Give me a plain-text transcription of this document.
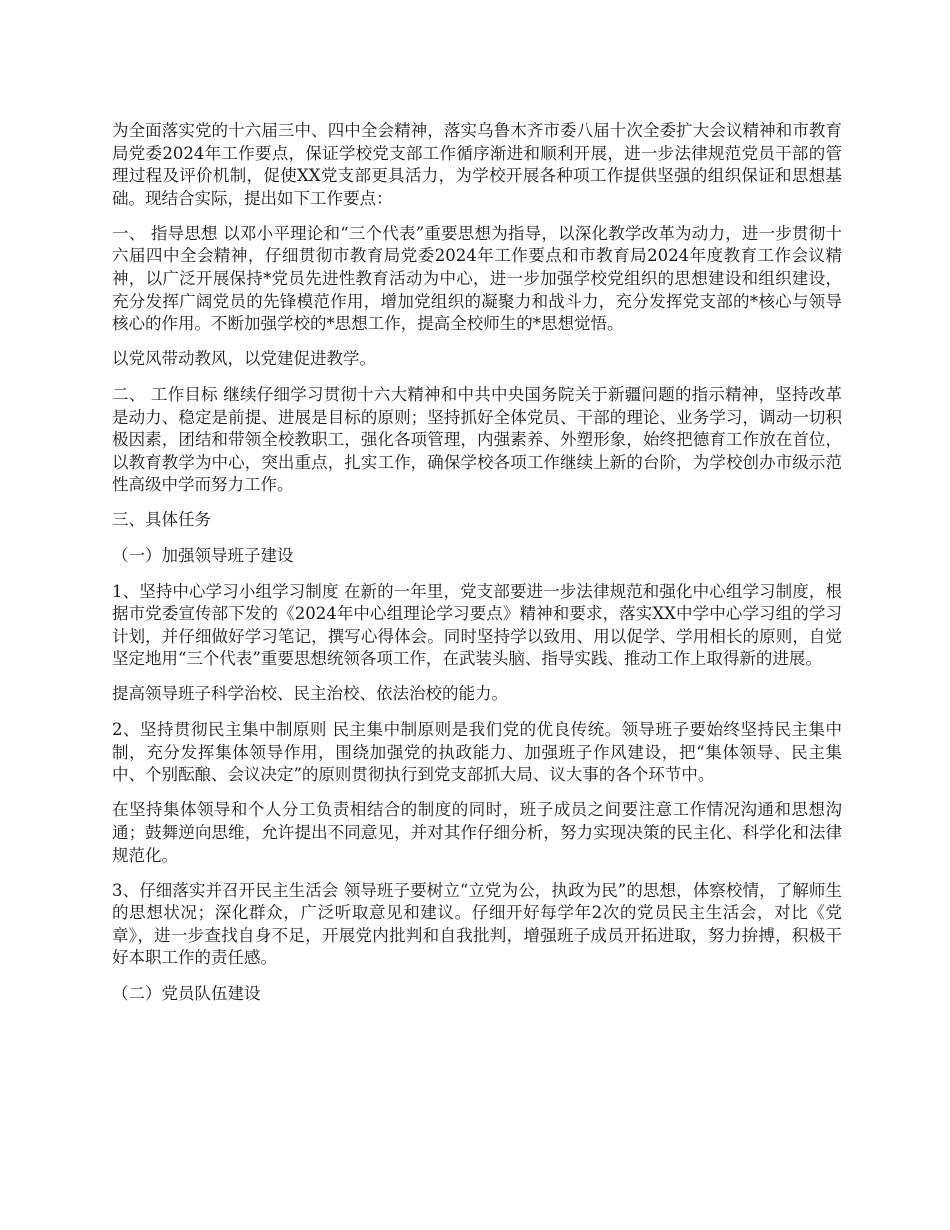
为全面落实党的十六届三中、四中全会精神，落实乌鲁木齐市委八届十次全委扩大会议精神和市教育局党委2024年工作要点，保证学校党支部工作循序渐进和顺利开展，进一步法律规范党员干部的管理过程及评价机制，促使XX党支部更具活力，为学校开展各种项工作提供坚强的组织保证和思想基础。现结合实际，提出如下工作要点：

一、 指导思想 以邓小平理论和“三个代表”重要思想为指导，以深化教学改革为动力，进一步贯彻十六届四中全会精神，仔细贯彻市教育局党委2024年工作要点和市教育局2024年度教育工作会议精神，以广泛开展保持*党员先进性教育活动为中心，进一步加强学校党组织的思想建设和组织建设，充分发挥广阔党员的先锋模范作用，增加党组织的凝聚力和战斗力，充分发挥党支部的*核心与领导核心的作用。不断加强学校的*思想工作，提高全校师生的*思想觉悟。

以党风带动教风，以党建促进教学。

二、 工作目标 继续仔细学习贯彻十六大精神和中共中央国务院关于新疆问题的指示精神，坚持改革是动力、稳定是前提、进展是目标的原则；坚持抓好全体党员、干部的理论、业务学习，调动一切积极因素，团结和带领全校教职工，强化各项管理，内强素养、外塑形象，始终把德育工作放在首位，以教育教学为中心，突出重点，扎实工作，确保学校各项工作继续上新的台阶，为学校创办市级示范性高级中学而努力工作。

三、具体任务

（一）加强领导班子建设

1、坚持中心学习小组学习制度 在新的一年里，党支部要进一步法律规范和强化中心组学习制度，根据市党委宣传部下发的《2024年中心组理论学习要点》精神和要求，落实XX中学中心学习组的学习计划，并仔细做好学习笔记，撰写心得体会。同时坚持学以致用、用以促学、学用相长的原则，自觉坚定地用“三个代表”重要思想统领各项工作，在武装头脑、指导实践、推动工作上取得新的进展。

提高领导班子科学治校、民主治校、依法治校的能力。

2、坚持贯彻民主集中制原则 民主集中制原则是我们党的优良传统。领导班子要始终坚持民主集中制，充分发挥集体领导作用，围绕加强党的执政能力、加强班子作风建设，把“集体领导、民主集中、个别酝酿、会议决定”的原则贯彻执行到党支部抓大局、议大事的各个环节中。

在坚持集体领导和个人分工负责相结合的制度的同时，班子成员之间要注意工作情况沟通和思想沟通；鼓舞逆向思维，允许提出不同意见，并对其作仔细分析，努力实现决策的民主化、科学化和法律规范化。

3、仔细落实并召开民主生活会 领导班子要树立“立党为公，执政为民”的思想，体察校情，了解师生的思想状况；深化群众，广泛听取意见和建议。仔细开好每学年2次的党员民主生活会，对比《党章》，进一步查找自身不足，开展党内批判和自我批判，增强班子成员开拓进取，努力拚搏，积极干好本职工作的责任感。

（二）党员队伍建设
